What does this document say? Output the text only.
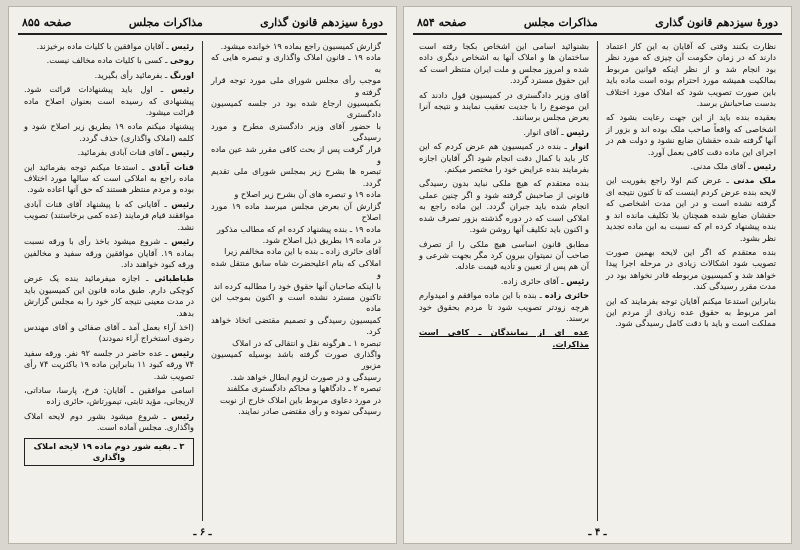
دورهٔ سیزدهم قانون گذاری
مذاکرات مجلس
صفحه ۸۵۵
گزارش کمیسیون راجع بماده ۱۹ خوانده میشود.
ماده ۱۹ ـ قانون املاک واگذاری و تبصره هایی که به
موجب رأی مجلس شورای ملی مورد توجه قرار گرفته و
بکمیسیون ارجاع شده بود در جلسه کمیسیون دادگستری
با حضور آقای وزیر دادگستری مطرح و مورد رسیدگی
قرار گرفت پس از بحث کافی مقرر شد عین ماده و
تبصره ها بشرح زیر بمجلس شورای ملی تقدیم گردد.
ماده ۱۹ و تبصره های آن بشرح زیر اصلاح و
گزارش آن بعرض مجلس میرسد ماده ۱۹ مورد اصلاح
ماده ۱۹ ـ بنده پیشنهاد کرده ام که مطالب مذکور
در ماده ۱۹ بطریق ذیل اصلاح شود.
آقای حائری زاده ـ بنده با این ماده مخالفم زیرا
املاکی که بنام اعلیحضرت شاه سابق منتقل شده و
با اینکه صاحبان آنها حقوق خود را مطالبه کرده اند
تاکنون مسترد نشده است و اکنون بموجب این ماده
کمیسیون رسیدگی و تصمیم مقتضی اتخاذ خواهد کرد.
تبصره ۱ ـ هرگونه نقل و انتقالی که در املاک
واگذاری صورت گرفته باشد بوسیله کمیسیون مزبور
رسیدگی و در صورت لزوم ابطال خواهد شد.
تبصره ۲ ـ دادگاهها و محاکم دادگستری مکلفند
در مورد دعاوی مربوط باین املاک خارج از نوبت
رسیدگی نموده و رأی مقتضی صادر نمایند.

رئیس ـ آقایان موافقین با کلیات ماده برخیزند.

روحی ـ کسی با کلیات ماده مخالف نیست.

اورنگ ـ بفرمائید رأی بگیرید.

رئیس ـ اول باید پیشنهادات قرائت شود. پیشنهادی که رسیده است بعنوان اصلاح ماده قرائت میشود.

پیشنهاد میکنم ماده ۱۹ بطریق زیر اصلاح شود و کلمه (املاک واگذاری) حذف گردد.

رئیس ـ آقای قنات آبادی بفرمائید.

قنات آبادی ـ استدعا میکنم توجه بفرمائید این ماده راجع به املاکی است که سالها مورد اختلاف بوده و مردم منتظر هستند که حق آنها اعاده شود.

رئیس ـ آقایانی که با پیشنهاد آقای قنات آبادی موافقند قیام فرمایند (عده کمی برخاستند) تصویب نشد.

رئیس ـ شروع میشود باخذ رأی با ورقه نسبت بماده ۱۹. آقایان موافقین ورقه سفید و مخالفین ورقه کبود خواهند داد.

طباطبائی ـ اجازه میفرمائید بنده یک عرض کوچکی دارم. طبق ماده قانون این کمیسیون باید در مدت معینی نتیجه کار خود را به مجلس گزارش بدهد.

(اخذ آراء بعمل آمد ـ آقای صفائی و آقای مهندس رضوی استخراج آراء نمودند)

رئیس ـ عده حاضر در جلسه ۹۲ نفر. ورقه سفید ۷۴ ورقه کبود ۱۱ بنابراین ماده ۱۹ باکثریت ۷۴ رأی تصویب شد.

اسامی موافقین ـ آقایان: فرخ، پارسا، ساداتی، لاریجانی، مؤید ثابتی، تیمورتاش، حائری زاده

رئیس ـ شروع میشود بشور دوم لایحه املاک واگذاری. مجلس آماده است.

۳ ـ بقیه شور دوم ماده ۱۹ لایحه املاک واگذاری
ـ ۶ ـ
دورهٔ سیزدهم قانون گذاری
مذاکرات مجلس
صفحه ۸۵۴

نظارت بکنند وقتی که آقایان به این کار اعتماد دارند که در زمان حکومت آن چیزی که مورد نظر بود انجام شد و از نظر اینکه قوانین مربوط بمالکیت همیشه مورد احترام بوده است ماده باید باین صورت تصویب شود که املاک مورد اختلاف بدست صاحبانش برسد.

بعقیده بنده باید از این جهت رعایت بشود که اشخاصی که واقعاً صاحب ملک بوده اند و بزور از آنها گرفته شده حقشان ضایع نشود و دولت هم در اجرای این ماده دقت کافی بعمل آورد.

رئیس ـ آقای ملک مدنی.

ملک مدنی ـ عرض کنم اولا راجع بفوریت این لایحه بنده عرض کردم اینست که تا کنون نتیجه ای گرفته نشده است و در این مدت اشخاصی که حقشان ضایع شده همچنان بلا تکلیف مانده اند و بنده پیشنهاد کرده ام که نسبت به این ماده تجدید نظر بشود.

بنده معتقدم که اگر این لایحه بهمین صورت تصویب شود اشکالات زیادی در مرحله اجرا پیدا خواهد شد و کمیسیون مربوطه قادر نخواهد بود در مدت مقرر رسیدگی کند.

بنابراین استدعا میکنم آقایان توجه بفرمایند که این امر مربوط به حقوق عده زیادی از مردم این مملکت است و باید با دقت کامل رسیدگی شود.

بشنوائید اسامی این اشخاص بکجا رفته است ساختمان ها و املاک آنها به اشخاص دیگری داده شده و امروز مجلس و ملت ایران منتظر است که این حقوق مسترد گردد.

آقای وزیر دادگستری در کمیسیون قول دادند که این موضوع را با جدیت تعقیب نمایند و نتیجه آنرا بعرض مجلس برسانند.

رئیس ـ آقای انوار.

انوار ـ بنده در کمیسیون هم عرض کردم که این کار باید با کمال دقت انجام شود اگر آقایان اجازه بفرمایند بنده عرایض خود را مختصر میکنم.

بنده معتقدم که هیچ ملکی نباید بدون رسیدگی قانونی از صاحبش گرفته شود و اگر چنین عملی انجام شده باید جبران گردد. این ماده راجع به املاکی است که در دوره گذشته بزور تصرف شده و اکنون باید تکلیف آنها روشن شود.

مطابق قانون اساسی هیچ ملکی را از تصرف صاحب آن نمیتوان بیرون کرد مگر بجهت شرعی و آن هم پس از تعیین و تأدیه قیمت عادله.

رئیس ـ آقای حائری زاده.

حائری زاده ـ بنده با این ماده موافقم و امیدوارم هرچه زودتر تصویب شود تا مردم بحقوق خود برسند.

عده ای از نمایندگان ـ کافی است مذاکرات.

ـ ۴ ـ
